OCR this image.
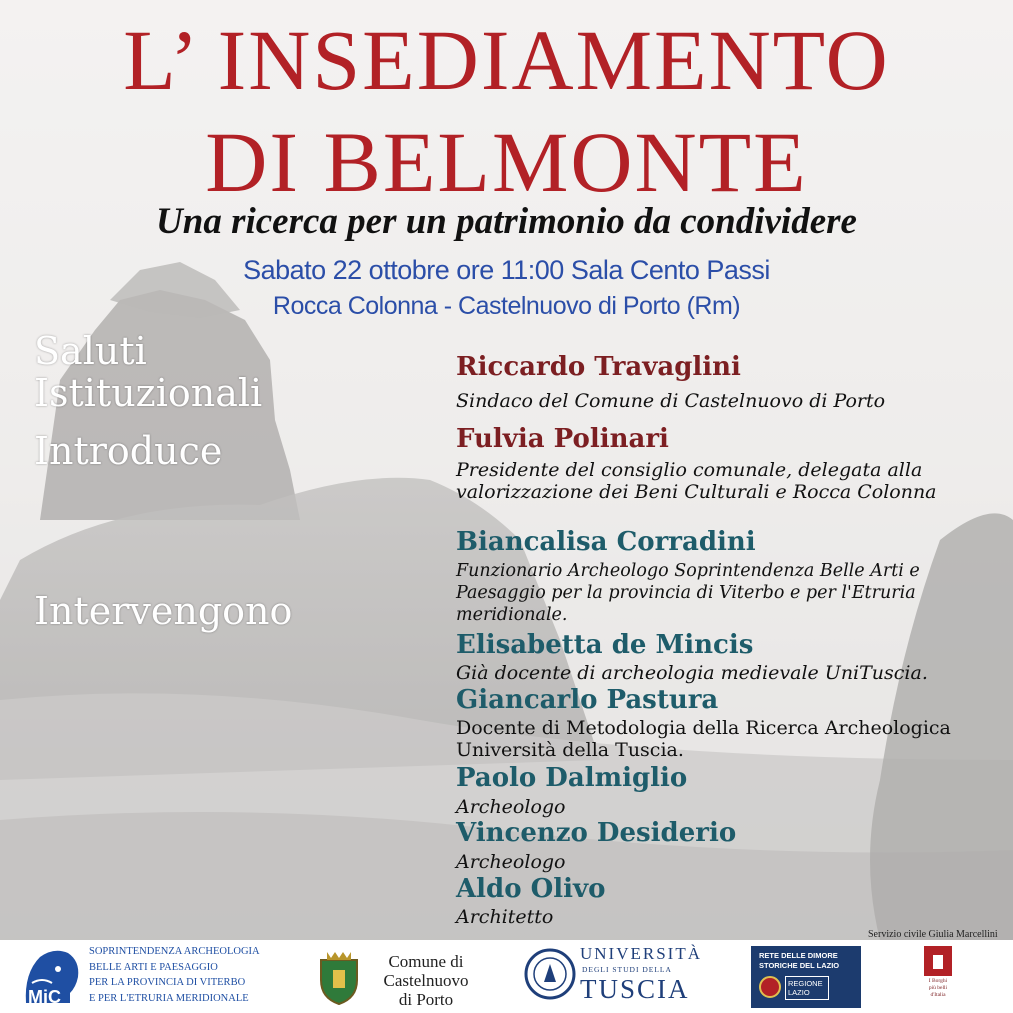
L’ INSEDIAMENTO
DI BELMONTE
Una ricerca per un patrimonio da condividere
Sabato 22 ottobre ore 11:00 Sala Cento Passi
Rocca Colonna - Castelnuovo di Porto (Rm)
Saluti
Istituzionali
Introduce
Intervengono
Riccardo Travaglini
Sindaco del Comune di Castelnuovo di Porto
Fulvia Polinari
Presidente del consiglio comunale, delegata alla valorizzazione dei Beni Culturali e Rocca Colonna
Biancalisa Corradini
Funzionario Archeologo Soprintendenza Belle Arti e Paesaggio per la provincia di Viterbo e per l'Etruria meridionale.
Elisabetta de Mincis
Già docente di archeologia medievale UniTuscia.
Giancarlo Pastura
Docente di Metodologia della Ricerca Archeologica Università della Tuscia.
Paolo Dalmiglio
Archeologo
Vincenzo Desiderio
Archeologo
Aldo Olivo
Architetto
Servizio civile Giulia Marcellini
MiC
SOPRINTENDENZA ARCHEOLOGIA
BELLE ARTI E PAESAGGIO
PER LA PROVINCIA DI VITERBO
E PER L'ETRURIA MERIDIONALE
Comune di
Castelnuovo
di Porto
UNIVERSITÀ
DEGLI STUDI DELLA
TUSCIA
RETE DELLE DIMORE
STORICHE DEL LAZIO
REGIONE LAZIO
I Borghi
più belli
d'Italia
